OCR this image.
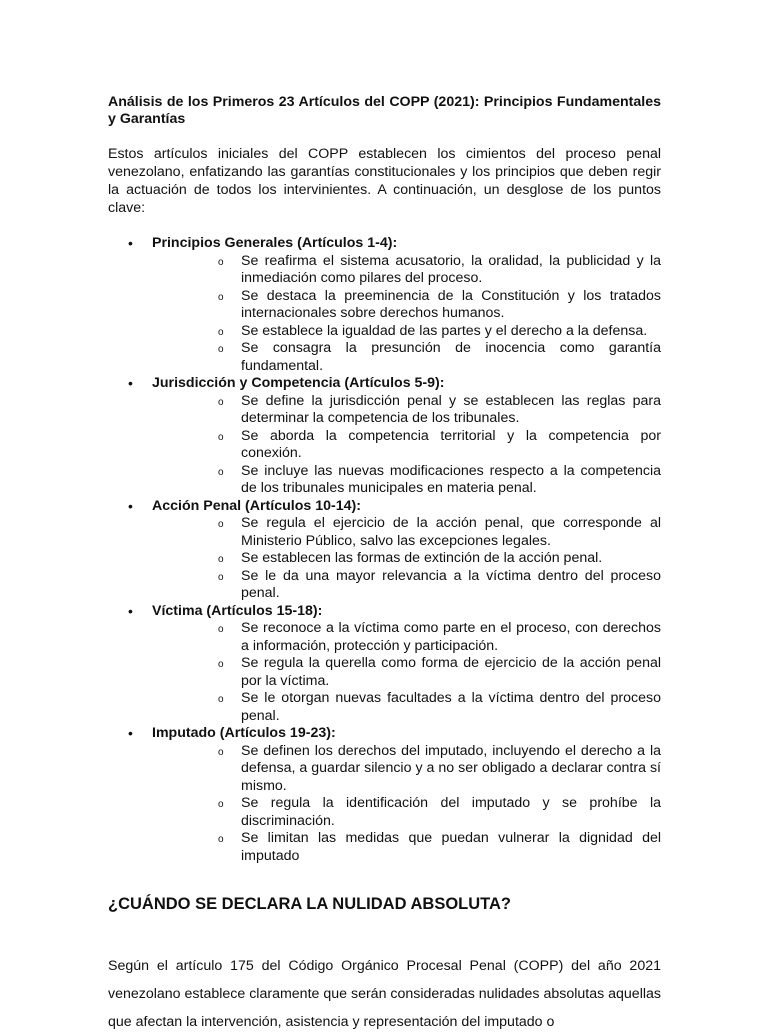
Análisis de los Primeros 23 Artículos del COPP (2021): Principios Fundamentales y Garantías

Estos artículos iniciales del COPP establecen los cimientos del proceso penal venezolano, enfatizando las garantías constitucionales y los principios que deben regir la actuación de todos los intervinientes. A continuación, un desglose de los puntos clave:

• Principios Generales (Artículos 1-4):
o Se reafirma el sistema acusatorio, la oralidad, la publicidad y la inmediación como pilares del proceso.
o Se destaca la preeminencia de la Constitución y los tratados internacionales sobre derechos humanos.
o Se establece la igualdad de las partes y el derecho a la defensa.
o Se consagra la presunción de inocencia como garantía fundamental.
• Jurisdicción y Competencia (Artículos 5-9):
o Se define la jurisdicción penal y se establecen las reglas para determinar la competencia de los tribunales.
o Se aborda la competencia territorial y la competencia por conexión.
o Se incluye las nuevas modificaciones respecto a la competencia de los tribunales municipales en materia penal.
• Acción Penal (Artículos 10-14):
o Se regula el ejercicio de la acción penal, que corresponde al Ministerio Público, salvo las excepciones legales.
o Se establecen las formas de extinción de la acción penal.
o Se le da una mayor relevancia a la víctima dentro del proceso penal.
• Víctima (Artículos 15-18):
o Se reconoce a la víctima como parte en el proceso, con derechos a información, protección y participación.
o Se regula la querella como forma de ejercicio de la acción penal por la víctima.
o Se le otorgan nuevas facultades a la víctima dentro del proceso penal.
• Imputado (Artículos 19-23):
o Se definen los derechos del imputado, incluyendo el derecho a la defensa, a guardar silencio y a no ser obligado a declarar contra sí mismo.
o Se regula la identificación del imputado y se prohíbe la discriminación.
o Se limitan las medidas que puedan vulnerar la dignidad del imputado
¿CUÁNDO SE DECLARA LA NULIDAD ABSOLUTA?

Según el artículo 175 del Código Orgánico Procesal Penal (COPP) del año 2021 venezolano establece claramente que serán consideradas nulidades absolutas aquellas que afectan la intervención, asistencia y representación del imputado o
